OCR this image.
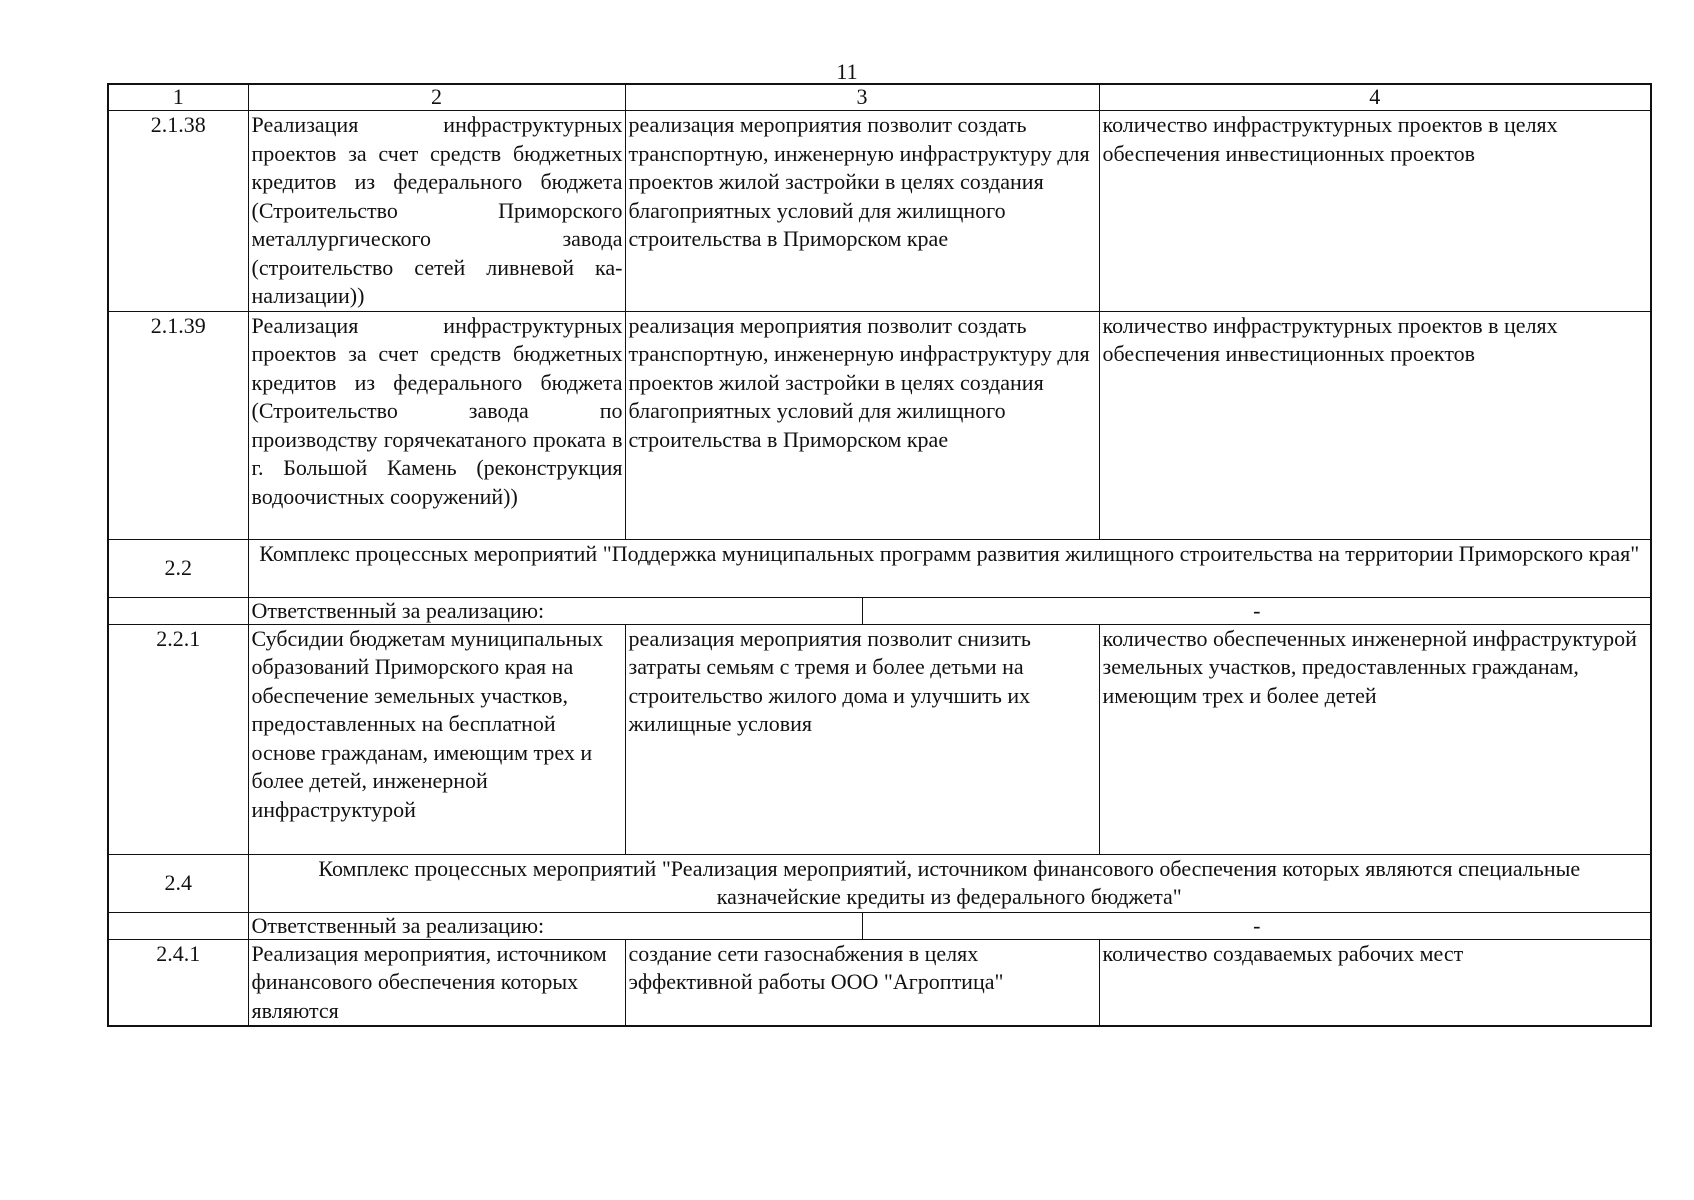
11
1	2	3		4
2.1.38	Реализация инфраструктурных проектов за счет средств бюджетных кредитов из федерального бюджета (Строительство Приморского металлургического завода (строительство сетей ливневой канализации))	реализация мероприятия позволит создать транспортную, инженерную инфраструктуру для проектов жилой застройки в целях создания благоприятных условий для жилищного строительства в Приморском крае		количество инфраструктурных проектов в целях обеспечения инвестиционных проектов
2.1.39	Реализация инфраструктурных проектов за счет средств бюджетных кредитов из федерального бюджета (Строительство завода по производству горячекатаного проката в г. Большой Камень (реконструкция водоочистных сооружений))	реализация мероприятия позволит создать транспортную, инженерную инфраструктуру для проектов жилой застройки в целях создания благоприятных условий для жилищного строительства в Приморском крае		количество инфраструктурных проектов в целях обеспечения инвестиционных проектов
2.2	Комплекс процессных мероприятий "Поддержка муниципальных программ развития жилищного строительства на территории Приморского края"			
	Ответственный за реализацию:		-	
2.2.1	Субсидии бюджетам муниципальных образований Приморского края на обеспечение земельных участков, предоставленных на бесплатной основе гражданам, имеющим трех и более детей, инженерной инфраструктурой	реализация мероприятия позволит снизить затраты семьям с тремя и более детьми на строительство жилого дома и улучшить их жилищные условия		количество обеспеченных инженерной инфраструктурой земельных участков, предоставленных гражданам, имеющим трех и более детей
2.4	Комплекс процессных мероприятий "Реализация мероприятий, источником финансового обеспечения которых являются специальные казначейские кредиты из федерального бюджета"			
	Ответственный за реализацию:		-	
2.4.1	Реализация мероприятия, источником финансового обеспечения которых являются	создание сети газоснабжения в целях эффективной работы ООО "Агроптица"		количество создаваемых рабочих мест
